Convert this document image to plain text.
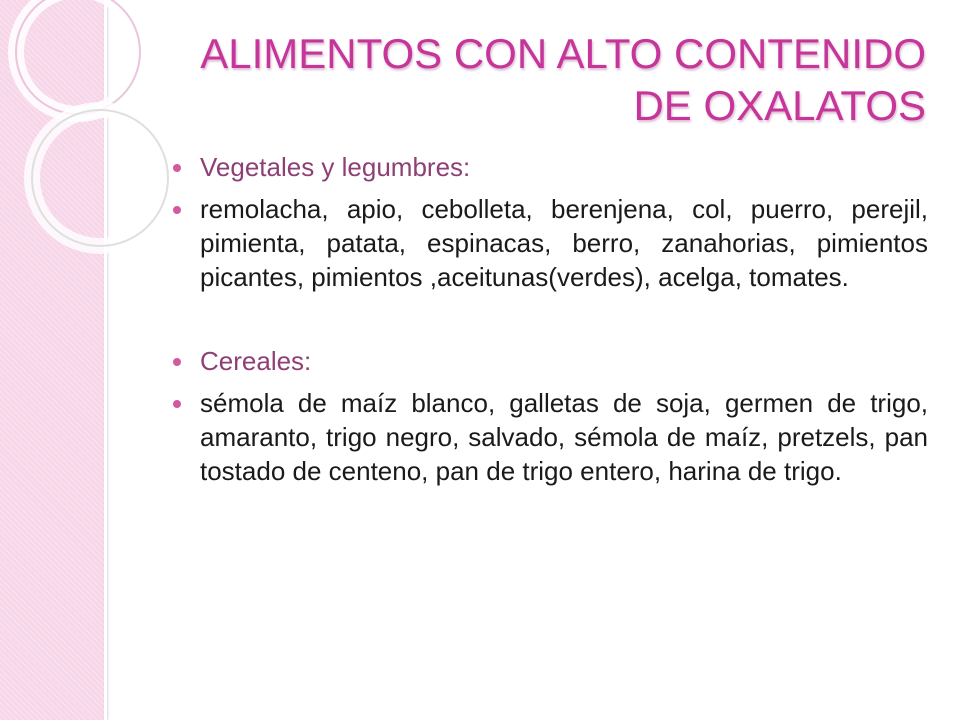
ALIMENTOS CON ALTO CONTENIDO
DE OXALATOS
Vegetales y legumbres:
remolacha, apio, cebolleta, berenjena, col, puerro, perejil, pimienta, patata, espinacas, berro, zanahorias, pimientos picantes, pimientos ,aceitunas(verdes), acelga, tomates.
Cereales:
sémola de maíz blanco, galletas de soja, germen de trigo, amaranto, trigo negro, salvado, sémola de maíz, pretzels, pan tostado de centeno, pan de trigo entero, harina de trigo.
